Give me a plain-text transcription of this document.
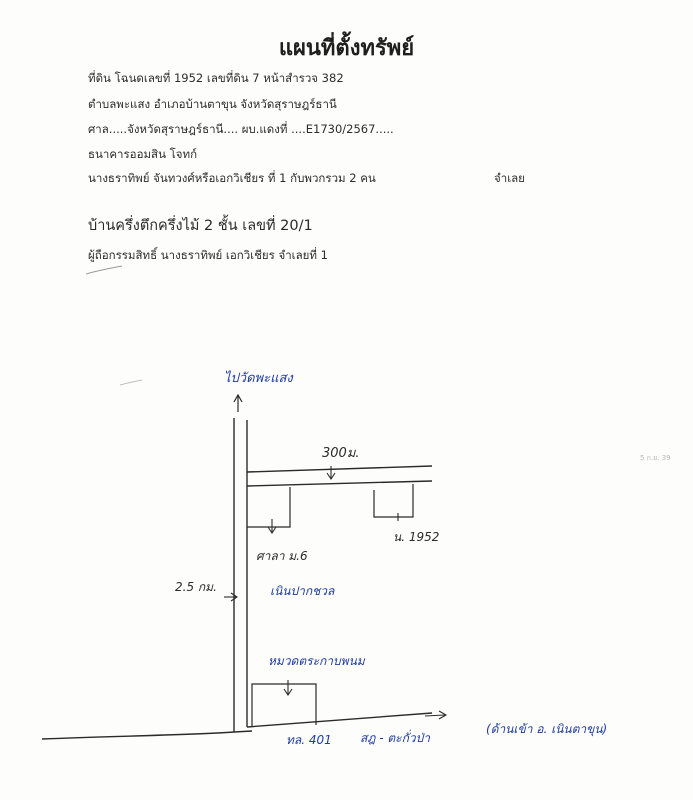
แผนที่ตั้งทรัพย์
ที่ดิน โฉนดเลขที่ 1952 เลขที่ดิน 7 หน้าสำรวจ 382
ตำบลพะแสง อำเภอบ้านตาขุน จังหวัดสุราษฎร์ธานี
ศาล.....จังหวัดสุราษฎร์ธานี.... ผบ.แดงที่ ....E1730/2567.....
ธนาคารออมสิน โจทก์
นางธราทิพย์ จันทวงศ์หรือเอกวิเชียร ที่ 1 กับพวกรวม 2 คน	จำเลย
บ้านครึ่งตึกครึ่งไม้ 2 ชั้น เลขที่ 20/1
ผู้ถือกรรมสิทธิ์ นางธราทิพย์ เอกวิเชียร จำเลยที่ 1
ไปวัดพะแสง
300ม.
น. 1952
ศาลา ม.6
เนินปากชวล
2.5 กม.
หมวดตระกาบพนม
ทล. 401 สฎ - ตะกั่วป่า
(ด้านเข้า อ. เนินตาขุน)
5 ก.ย. 39
